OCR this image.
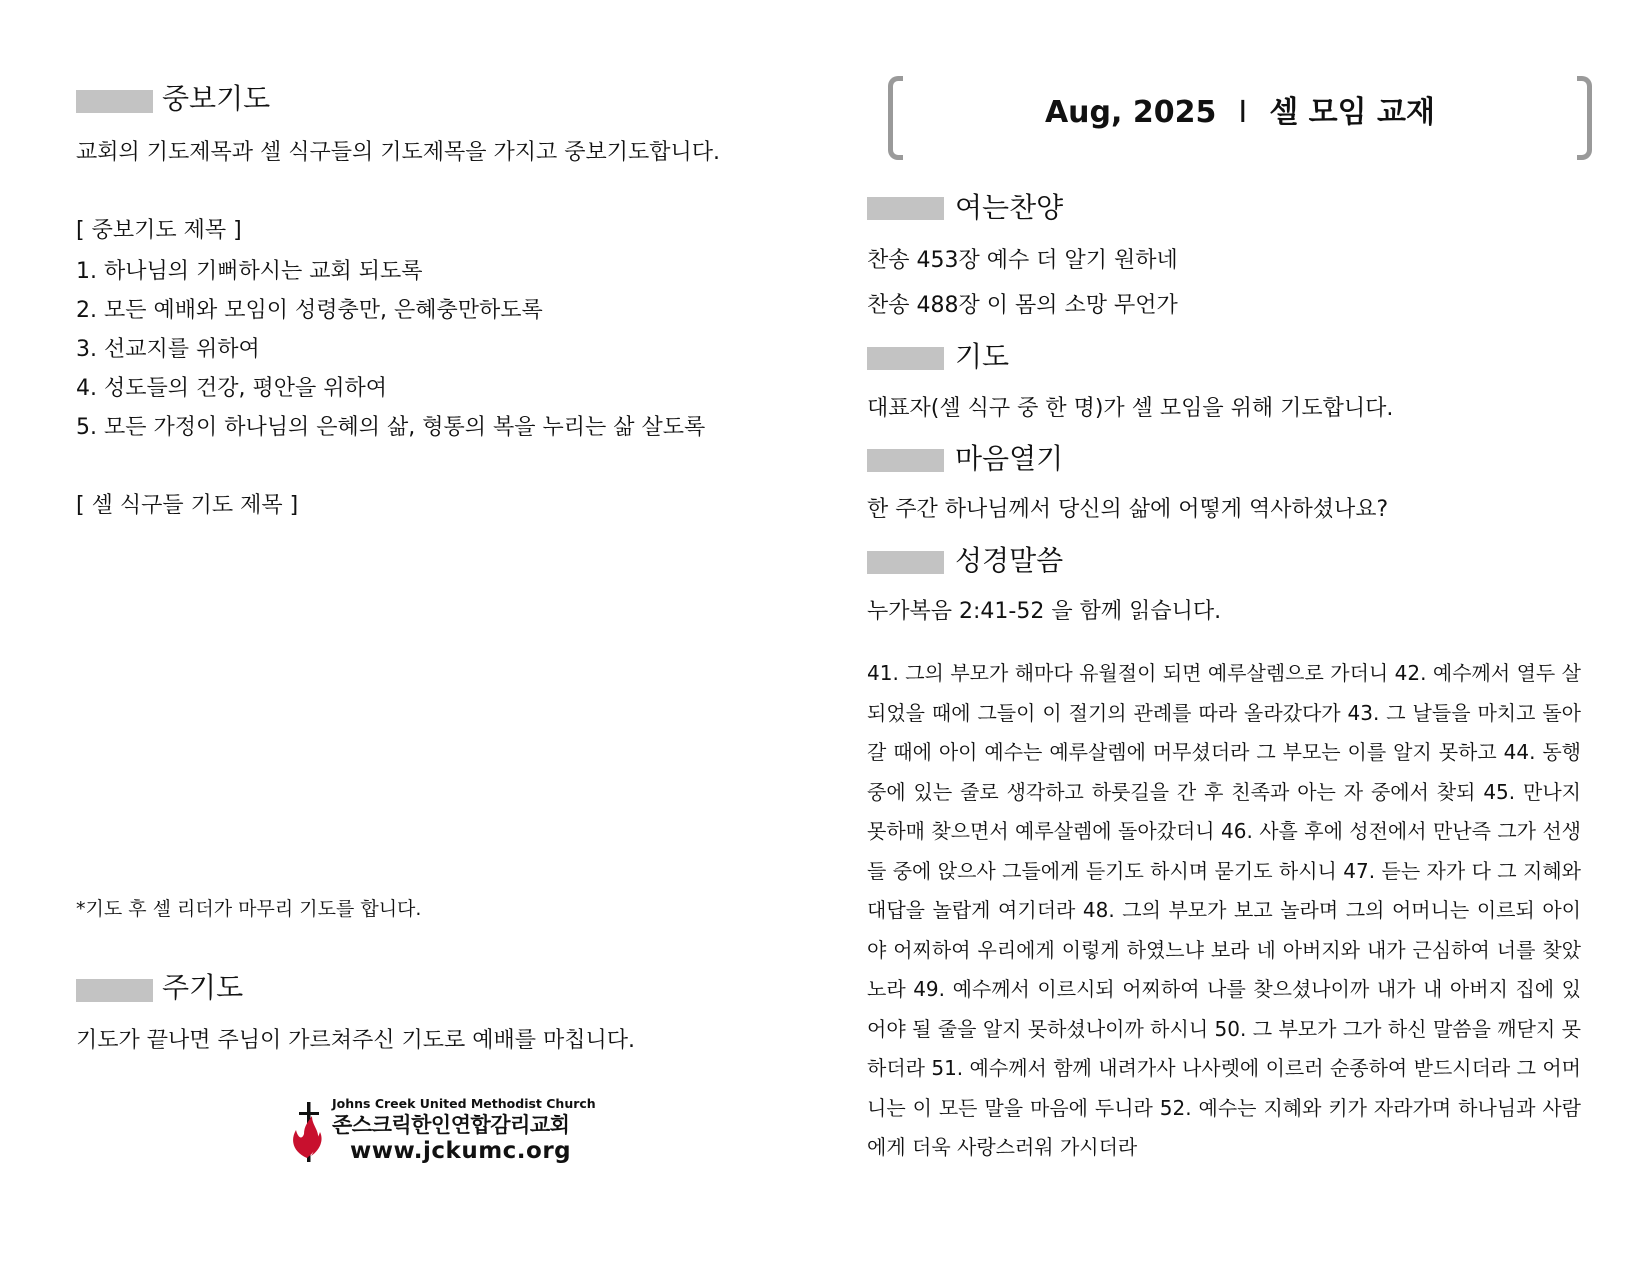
중보기도
교회의 기도제목과 셀 식구들의 기도제목을 가지고 중보기도합니다.
[ 중보기도 제목 ]
1. 하나님의 기뻐하시는 교회 되도록
2. 모든 예배와 모임이 성령충만, 은혜충만하도록
3. 선교지를 위하여
4. 성도들의 건강, 평안을 위하여
5. 모든 가정이 하나님의 은혜의 삶, 형통의 복을 누리는 삶 살도록
[ 셀 식구들 기도 제목 ]
*기도 후 셀 리더가 마무리 기도를 합니다.
주기도
기도가 끝나면 주님이 가르쳐주신 기도로 예배를 마칩니다.
Johns Creek United Methodist Church
존스크릭한인연합감리교회
www.jckumc.org
Aug, 2025 I 셀 모임 교재
여는찬양
찬송 453장 예수 더 알기 원하네
찬송 488장 이 몸의 소망 무언가
기도
대표자(셀 식구 중 한 명)가 셀 모임을 위해 기도합니다.
마음열기
한 주간 하나님께서 당신의 삶에 어떻게 역사하셨나요?
성경말씀
누가복음 2:41-52 을 함께 읽습니다.
41. 그의 부모가 해마다 유월절이 되면 예루살렘으로 가더니 42. 예수께서 열두 살 되었을 때에 그들이 이 절기의 관례를 따라 올라갔다가 43. 그 날들을 마치고 돌아갈 때에 아이 예수는 예루살렘에 머무셨더라 그 부모는 이를 알지 못하고 44. 동행 중에 있는 줄로 생각하고 하룻길을 간 후 친족과 아는 자 중에서 찾되 45. 만나지 못하매 찾으면서 예루살렘에 돌아갔더니 46. 사흘 후에 성전에서 만난즉 그가 선생들 중에 앉으사 그들에게 듣기도 하시며 묻기도 하시니 47. 듣는 자가 다 그 지혜와 대답을 놀랍게 여기더라 48. 그의 부모가 보고 놀라며 그의 어머니는 이르되 아이야 어찌하여 우리에게 이렇게 하였느냐 보라 네 아버지와 내가 근심하여 너를 찾았노라 49. 예수께서 이르시되 어찌하여 나를 찾으셨나이까 내가 내 아버지 집에 있어야 될 줄을 알지 못하셨나이까 하시니 50. 그 부모가 그가 하신 말씀을 깨닫지 못하더라 51. 예수께서 함께 내려가사 나사렛에 이르러 순종하여 받드시더라 그 어머니는 이 모든 말을 마음에 두니라 52. 예수는 지혜와 키가 자라가며 하나님과 사람에게 더욱 사랑스러워 가시더라
